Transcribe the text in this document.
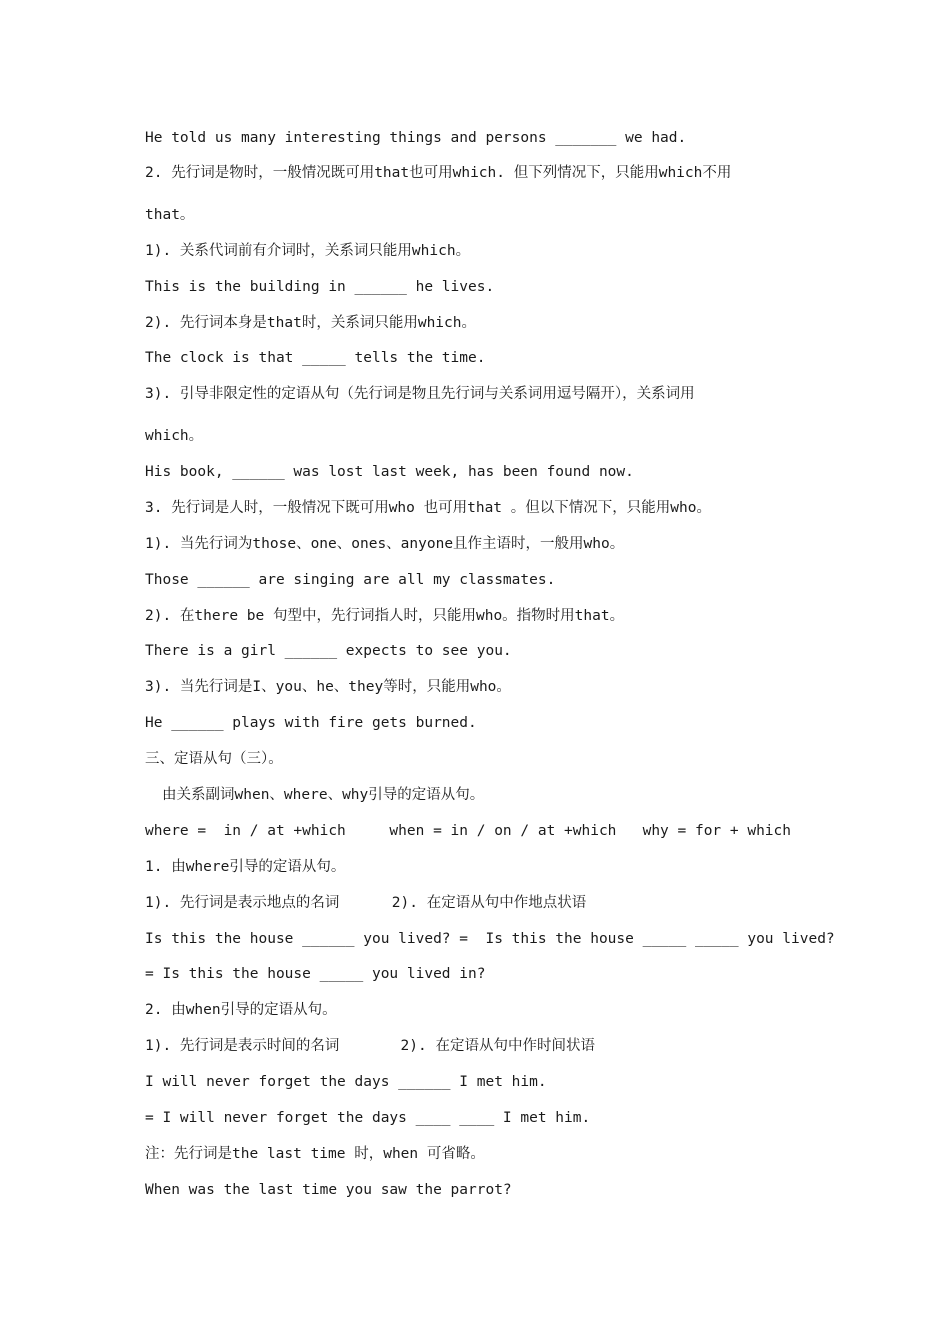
He told us many interesting things and persons _______ we had.

2. 先行词是物时，一般情况既可用that也可用which. 但下列情况下，只能用which不用

that。

1). 关系代词前有介词时，关系词只能用which。

This is the building in ______ he lives.

2). 先行词本身是that时，关系词只能用which。

The clock is that _____ tells the time.

3). 引导非限定性的定语从句（先行词是物且先行词与关系词用逗号隔开），关系词用

which。

His book, ______ was lost last week, has been found now.

3. 先行词是人时，一般情况下既可用who 也可用that 。但以下情况下，只能用who。

1). 当先行词为those、one、ones、anyone且作主语时，一般用who。

Those ______ are singing are all my classmates.

2). 在there be 句型中，先行词指人时，只能用who。指物时用that。

There is a girl ______ expects to see you.

3). 当先行词是I、you、he、they等时，只能用who。

He ______ plays with fire gets burned.

三、定语从句（三）。

由关系副词when、where、why引导的定语从句。

where =  in / at +which     when = in / on / at +which   why = for + which

1. 由where引导的定语从句。

1). 先行词是表示地点的名词      2). 在定语从句中作地点状语

Is this the house ______ you lived? =  Is this the house _____ _____ you lived?

= Is this the house _____ you lived in?

2. 由when引导的定语从句。

1). 先行词是表示时间的名词       2). 在定语从句中作时间状语

I will never forget the days ______ I met him.

= I will never forget the days ____ ____ I met him.

注：先行词是the last time 时，when 可省略。

When was the last time you saw the parrot?
